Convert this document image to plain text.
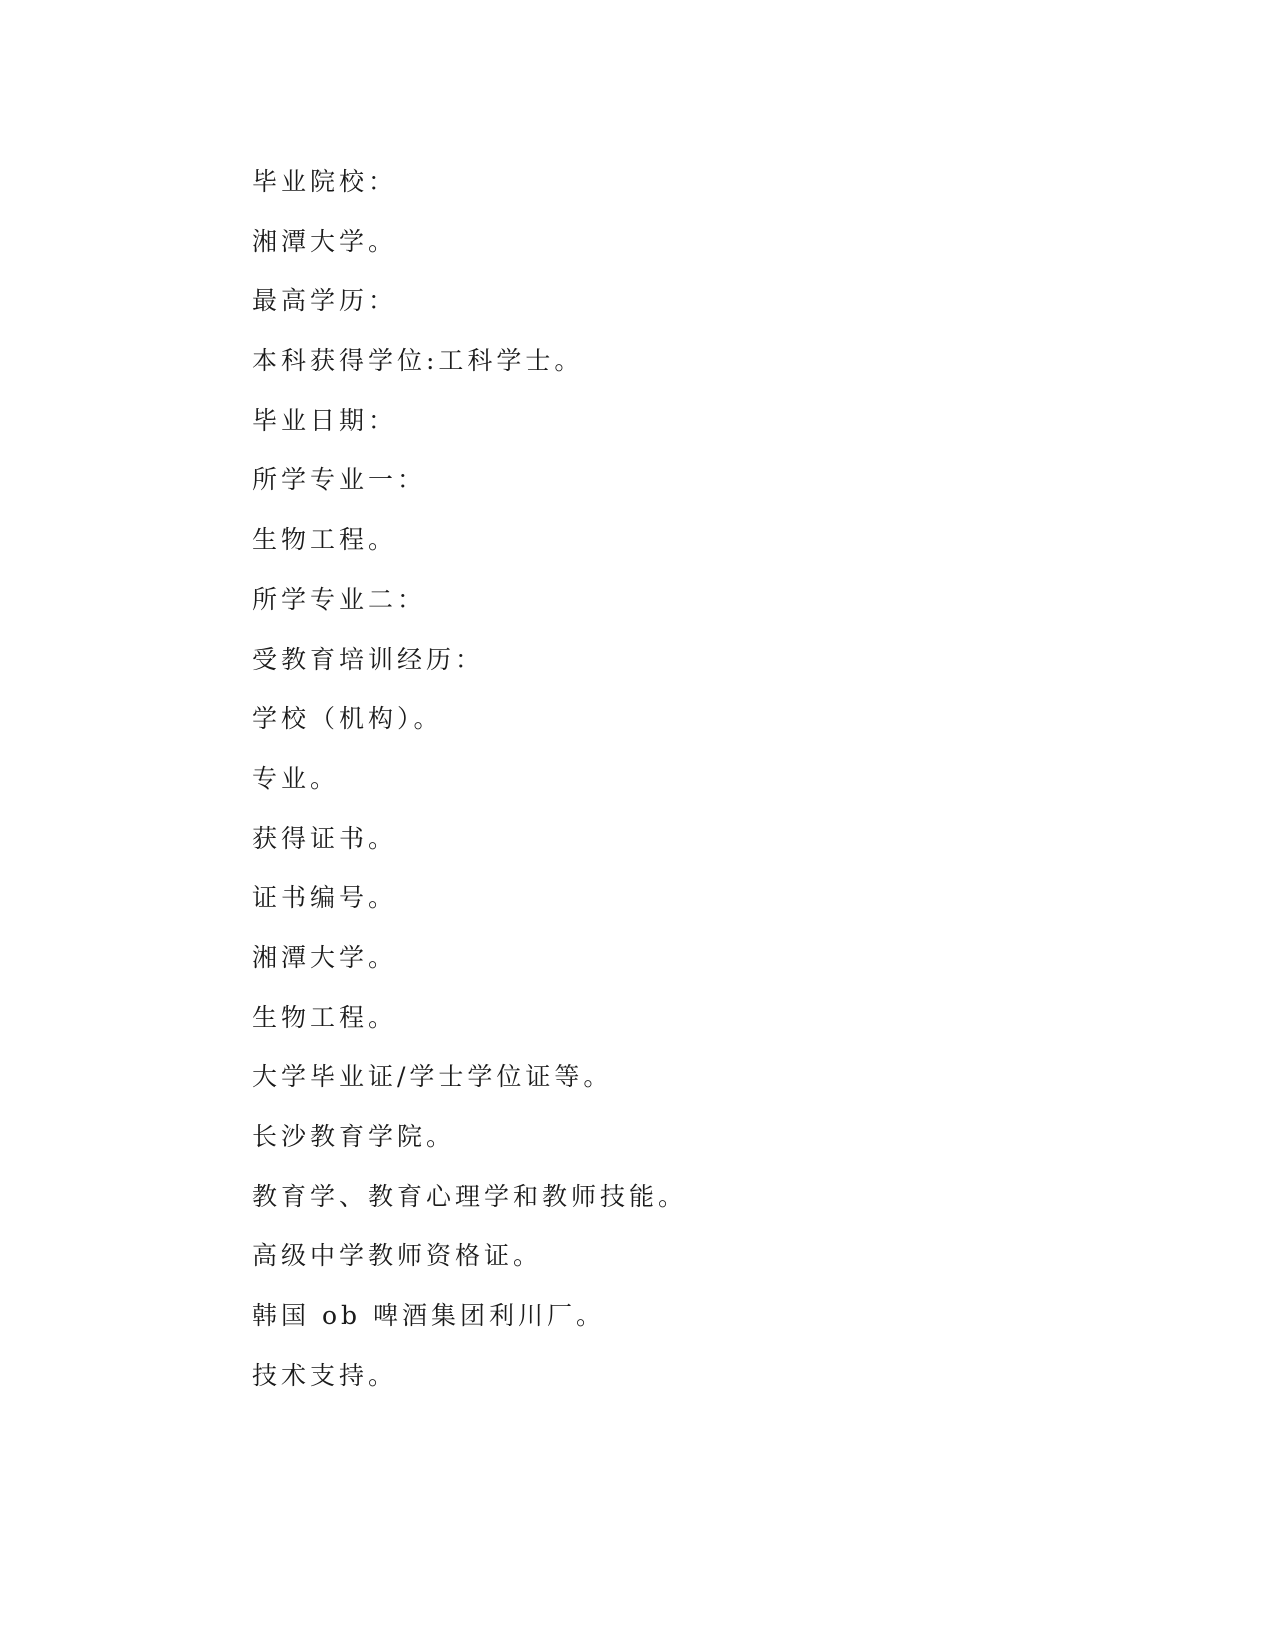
毕业院校：
湘潭大学。
最高学历：
本科获得学位:工科学士。
毕业日期：
所学专业一：
生物工程。
所学专业二：
受教育培训经历：
学校（机构）。
专业。
获得证书。
证书编号。
湘潭大学。
生物工程。
大学毕业证/学士学位证等。
长沙教育学院。
教育学、教育心理学和教师技能。
高级中学教师资格证。
韩国 ob 啤酒集团利川厂。
技术支持。
